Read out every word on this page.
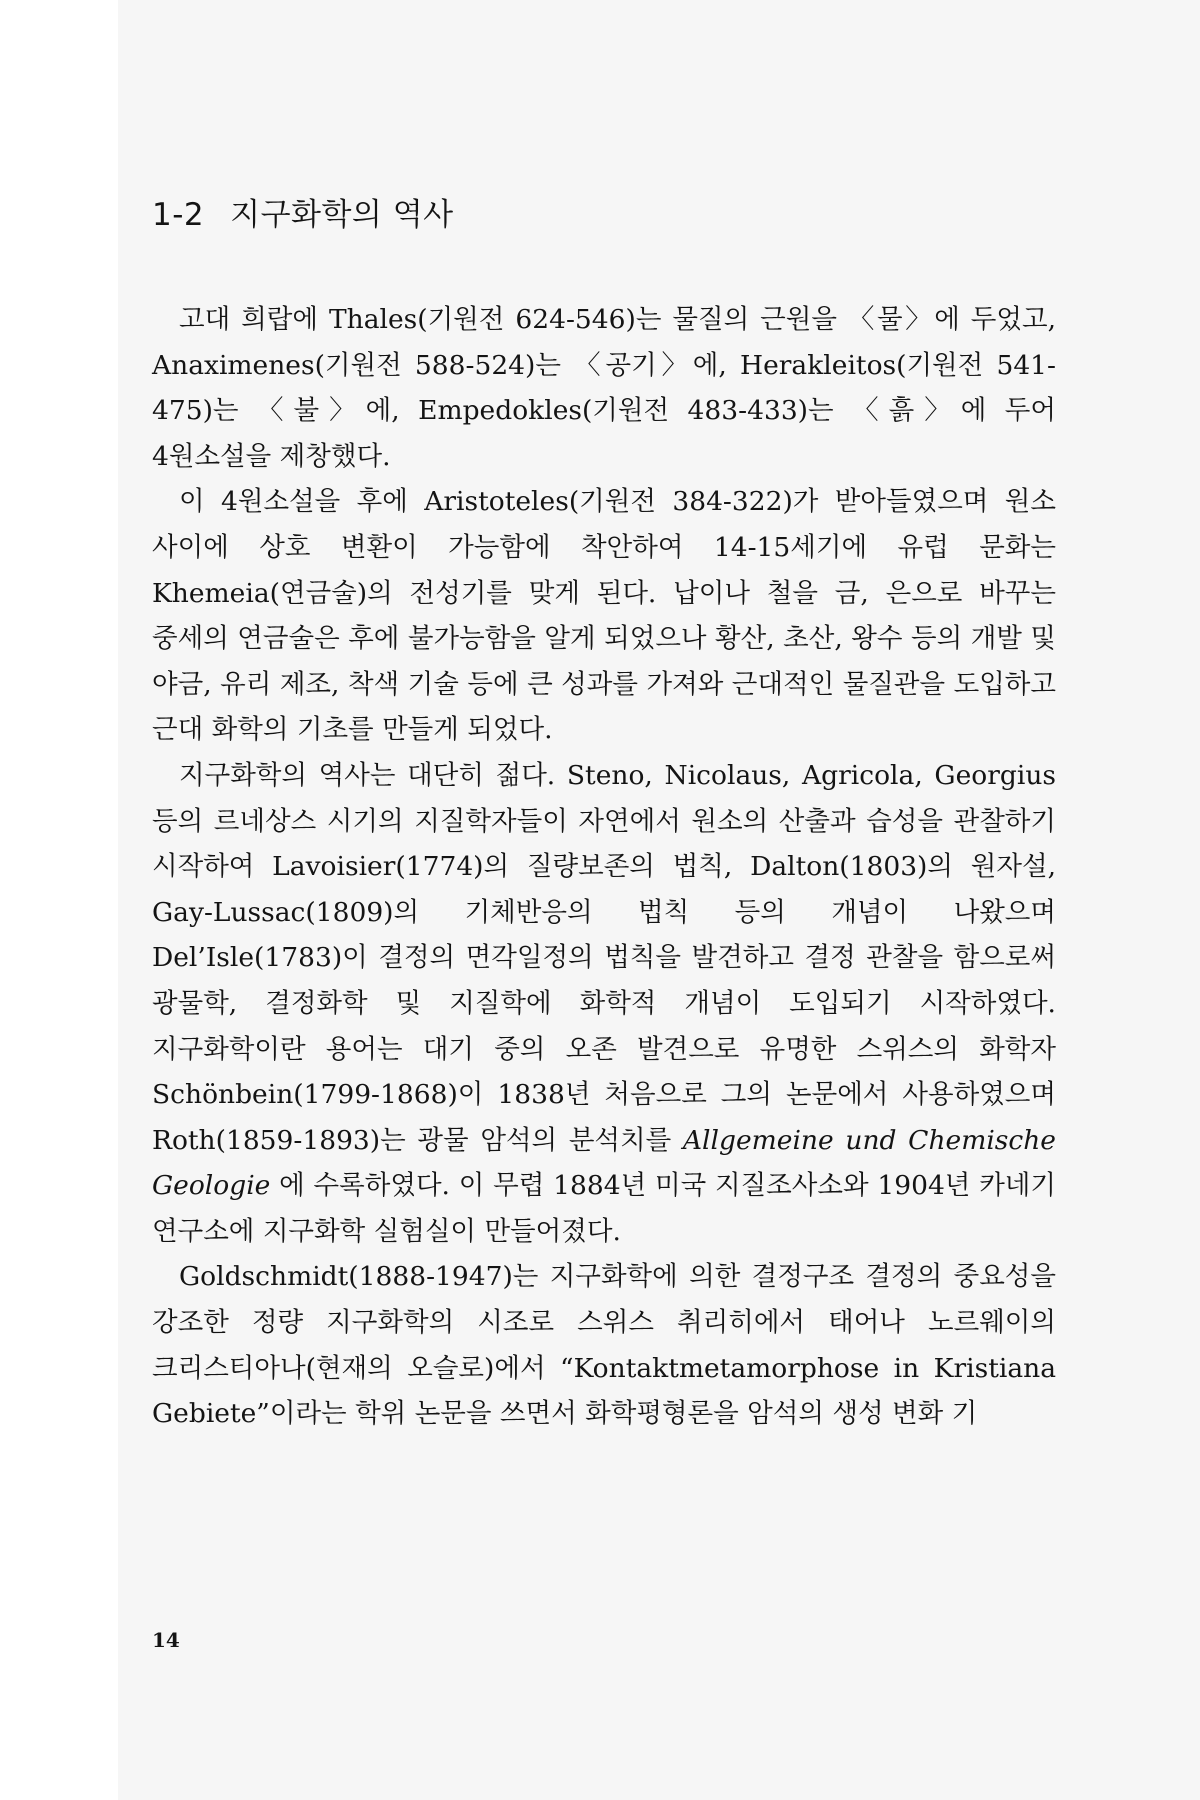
1-2 지구화학의 역사

고대 희랍에 Thales(기원전 624-546)는 물질의 근원을 〈물〉에 두었고, Anaximenes(기원전 588-524)는 〈공기〉에, Herakleitos(기원전 541-475)는 〈불〉에, Empedokles(기원전 483-433)는 〈흙〉에 두어 4원소설을 제창했다.

이 4원소설을 후에 Aristoteles(기원전 384-322)가 받아들였으며 원소 사이에 상호 변환이 가능함에 착안하여 14-15세기에 유럽 문화는 Khemeia(연금술)의 전성기를 맞게 된다. 납이나 철을 금, 은으로 바꾸는 중세의 연금술은 후에 불가능함을 알게 되었으나 황산, 초산, 왕수 등의 개발 및 야금, 유리 제조, 착색 기술 등에 큰 성과를 가져와 근대적인 물질관을 도입하고 근대 화학의 기초를 만들게 되었다.

지구화학의 역사는 대단히 젊다. Steno, Nicolaus, Agricola, Georgius 등의 르네상스 시기의 지질학자들이 자연에서 원소의 산출과 습성을 관찰하기 시작하여 Lavoisier(1774)의 질량보존의 법칙, Dalton(1803)의 원자설, Gay-Lussac(1809)의 기체반응의 법칙 등의 개념이 나왔으며 Del’Isle(1783)이 결정의 면각일정의 법칙을 발견하고 결정 관찰을 함으로써 광물학, 결정화학 및 지질학에 화학적 개념이 도입되기 시작하였다. 지구화학이란 용어는 대기 중의 오존 발견으로 유명한 스위스의 화학자 Schönbein(1799-1868)이 1838년 처음으로 그의 논문에서 사용하였으며 Roth(1859-1893)는 광물 암석의 분석치를 Allgemeine und Chemische Geologie 에 수록하였다. 이 무렵 1884년 미국 지질조사소와 1904년 카네기 연구소에 지구화학 실험실이 만들어졌다.

Goldschmidt(1888-1947)는 지구화학에 의한 결정구조 결정의 중요성을 강조한 정량 지구화학의 시조로 스위스 취리히에서 태어나 노르웨이의 크리스티아나(현재의 오슬로)에서 “Kontaktmetamorphose in Kristiana Gebiete”이라는 학위 논문을 쓰면서 화학평형론을 암석의 생성 변화 기

14
